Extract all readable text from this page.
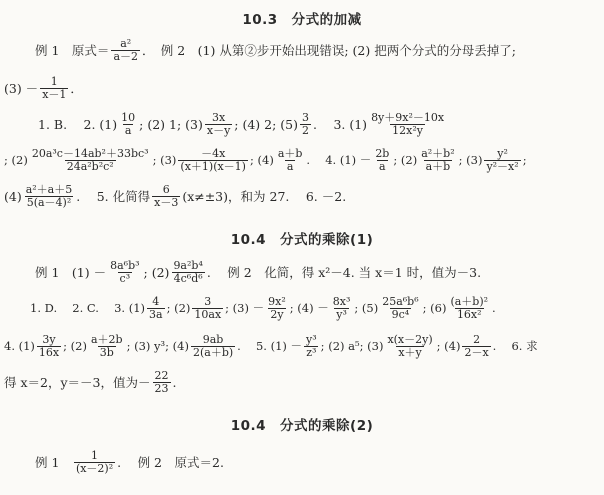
10.3　分式的加减
例 1　原式＝ $\frac{\text{a²}}{a-2}$ ．　例 2　(1) 从第②步开始出现错误; (2) 把两个分式的分母丢掉了;
$(3) - \frac{1}{x-1}$ ．
1. B.　 2. $(1) \frac{10}{a}$ ; (2) 1; $(3) \frac{3x}{x-y}$ ; (4) 2; $(5) \frac{3}{2}$ .　 3. $(1) \frac{\text{8y＋9x²－10x}}{\text{12x²y}}$
; $(2) \frac{\text{20a³c－14ab²＋33bc³}}{\text{24a²b²c²}}$ ; $(3) \frac{-4x}{(x+1)(x-1)}$ ; $(4) \frac{a+b}{a}$ .　 4. $(1) - \frac{2b}{a}$ ; $(2) \frac{\text{a²＋b²}}{a+b}$ ; $(3) \frac{\text{y²}}{\text{y²－x²}}$ ;
$(4) \frac{\text{a²＋a＋5}}{\text{5(a－4)²}}$ .　 5. 化简得 $\frac{6}{x-3} (x\ne\pm 3)$，和为 27.　 6. －2.
10.4　分式的乘除(1)
例 1　$(1) - \frac{\text{8a⁶b³}}{\text{c³}}$ ; $(2) \frac{\text{9a²b⁴}}{\text{4c⁶d⁶}}$ .　 例 2　化简，得 x²－4. 当 x＝1 时，值为－3.
1. D.　 2. C.　 3. $(1) \frac{4}{3a}$ ; $(2) \frac{3}{10ax}$ ; $(3) - \frac{\text{9x²}}{2y}$ ; $(4) - \frac{\text{8x³}}{\text{y³}}$ ; $(5) \frac{\text{25a⁶b⁶}}{\text{9c⁴}}$ ; $(6) \frac{\text{(a＋b)²}}{\text{16x²}}$ .
4. $(1) \frac{3y}{16x}$ ; $(2) \frac{a+2b}{3b}$ ; (3) y³; $(4) \frac{9ab}{2(a+b)}$ .　 5. $(1) - \frac{\text{y³}}{\text{z³}}$ ; (2) a⁵; $(3) \frac{x(x-2y)}{x+y}$ ; $(4) \frac{2}{2-x}$ .　 6. 求
得 x＝2，y＝－3，值为－ $\frac{22}{23}$ .
10.4　分式的乘除(2)
例 1　 $\frac{1}{\text{(x－2)²}}$ .　 例 2　原式＝2.
